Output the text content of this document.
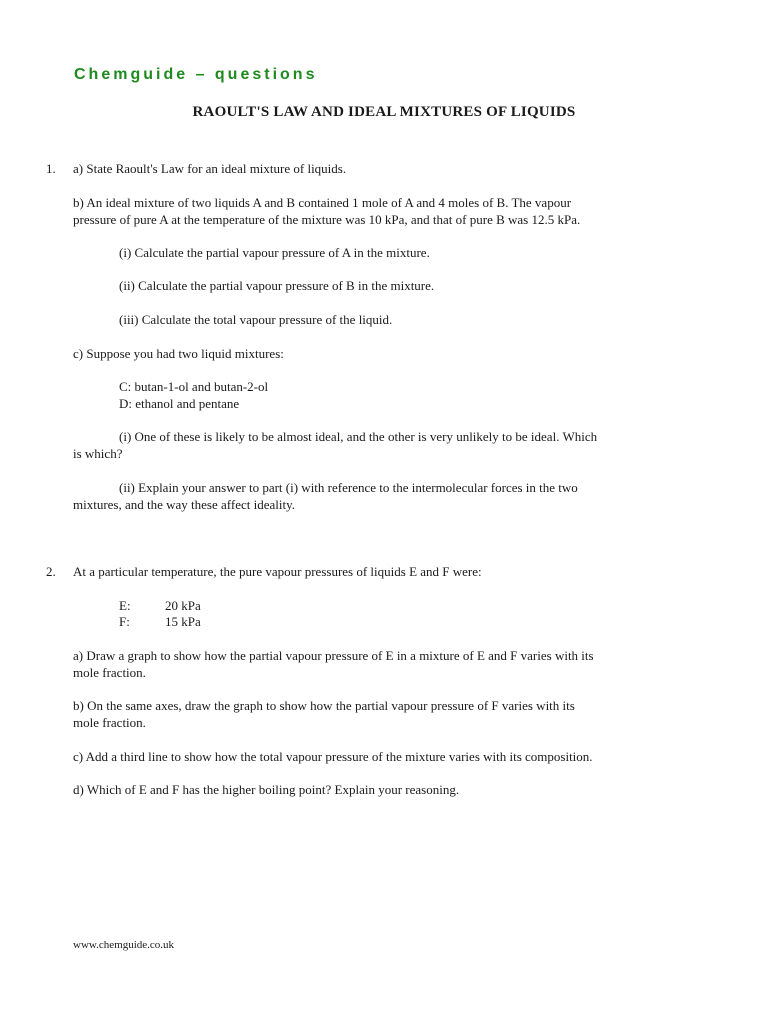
Chemguide – questions
RAOULT'S LAW AND IDEAL MIXTURES OF LIQUIDS
1. a) State Raoult's Law for an ideal mixture of liquids.
b) An ideal mixture of two liquids A and B contained 1 mole of A and 4 moles of B. The vapour
pressure of pure A at the temperature of the mixture was 10 kPa, and that of pure B was 12.5 kPa.
(i) Calculate the partial vapour pressure of A in the mixture.
(ii) Calculate the partial vapour pressure of B in the mixture.
(iii) Calculate the total vapour pressure of the liquid.
c) Suppose you had two liquid mixtures:
C: butan-1-ol and butan-2-ol
D: ethanol and pentane
(i) One of these is likely to be almost ideal, and the other is very unlikely to be ideal. Which
is which?
(ii) Explain your answer to part (i) with reference to the intermolecular forces in the two
mixtures, and the way these affect ideality.
2. At a particular temperature, the pure vapour pressures of liquids E and F were:
E:	20 kPa
F:	15 kPa
a) Draw a graph to show how the partial vapour pressure of E in a mixture of E and F varies with its
mole fraction.
b) On the same axes, draw the graph to show how the partial vapour pressure of F varies with its
mole fraction.
c) Add a third line to show how the total vapour pressure of the mixture varies with its composition.
d) Which of E and F has the higher boiling point? Explain your reasoning.
www.chemguide.co.uk
